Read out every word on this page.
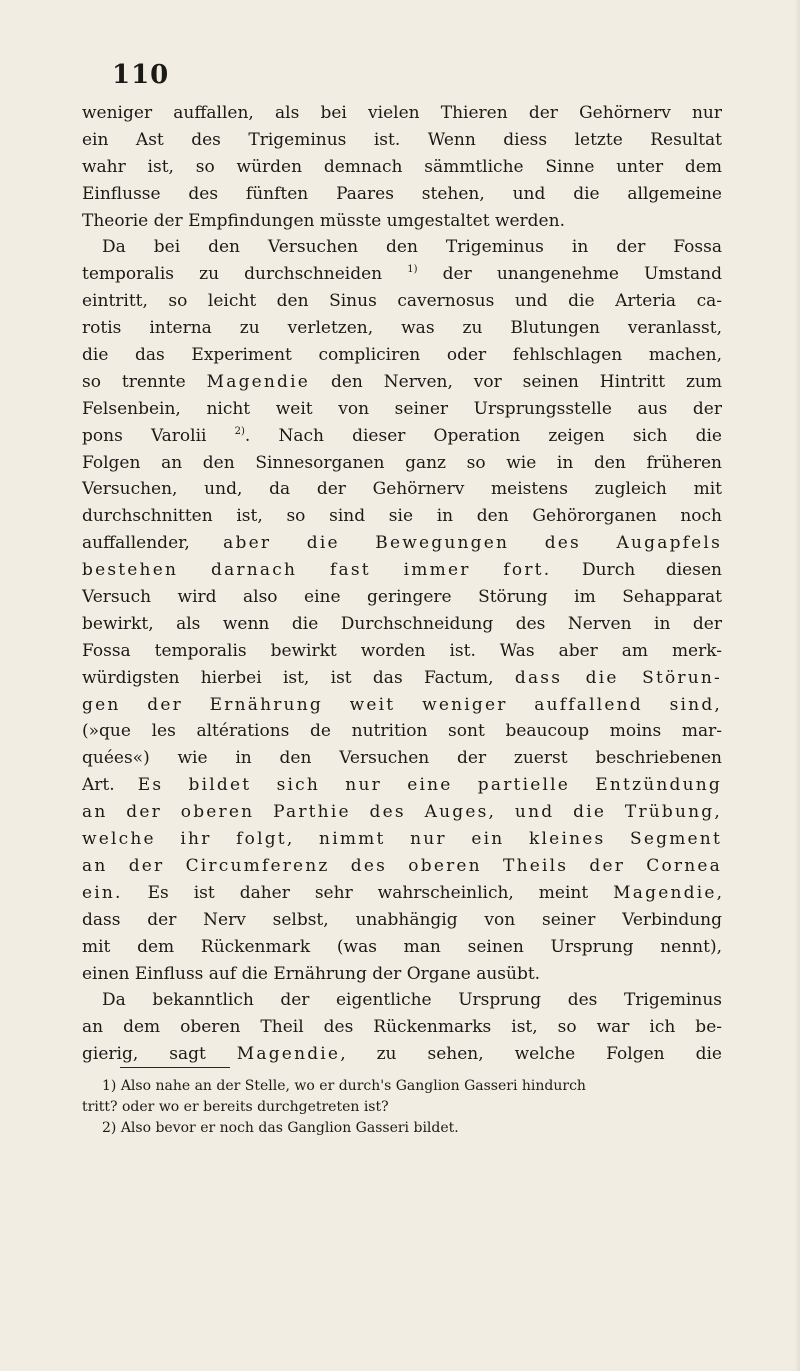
110
weniger auffallen, als bei vielen Thieren der Gehörnerv nur
ein Ast des Trigeminus ist. Wenn diess letzte Resultat
wahr ist, so würden demnach sämmtliche Sinne unter dem
Einflusse des fünften Paares stehen, und die allgemeine
Theorie der Empfindungen müsste umgestaltet werden.
Da bei den Versuchen den Trigeminus in der Fossa
temporalis zu durchschneiden $^{1)}$ der unangenehme Umstand
eintritt, so leicht den Sinus cavernosus und die Arteria ca-
rotis interna zu verletzen, was zu Blutungen veranlasst,
die das Experiment compliciren oder fehlschlagen machen,
so trennte Magendie den Nerven, vor seinen Hintritt zum
Felsenbein, nicht weit von seiner Ursprungsstelle aus der
pons Varolii $^{2)}$. Nach dieser Operation zeigen sich die
Folgen an den Sinnesorganen ganz so wie in den früheren
Versuchen, und, da der Gehörnerv meistens zugleich mit
durchschnitten ist, so sind sie in den Gehörorganen noch
auffallender, aber die Bewegungen des Augapfels
bestehen darnach fast immer fort. Durch diesen
Versuch wird also eine geringere Störung im Sehapparat
bewirkt, als wenn die Durchschneidung des Nerven in der
Fossa temporalis bewirkt worden ist. Was aber am merk-
würdigsten hierbei ist, ist das Factum, dass die Störun-
gen der Ernährung weit weniger auffallend sind,
(»que les altérations de nutrition sont beaucoup moins mar-
quées«) wie in den Versuchen der zuerst beschriebenen
Art. Es bildet sich nur eine partielle Entzündung
an der oberen Parthie des Auges, und die Trübung,
welche ihr folgt, nimmt nur ein kleines Segment
an der Circumferenz des oberen Theils der Cornea
ein. Es ist daher sehr wahrscheinlich, meint Magendie,
dass der Nerv selbst, unabhängig von seiner Verbindung
mit dem Rückenmark (was man seinen Ursprung nennt),
einen Einfluss auf die Ernährung der Organe ausübt.
Da bekanntlich der eigentliche Ursprung des Trigeminus
an dem oberen Theil des Rückenmarks ist, so war ich be-
gierig, sagt Magendie, zu sehen, welche Folgen die
1) Also nahe an der Stelle, wo er durch's Ganglion Gasseri hindurch
tritt? oder wo er bereits durchgetreten ist?
2) Also bevor er noch das Ganglion Gasseri bildet.
